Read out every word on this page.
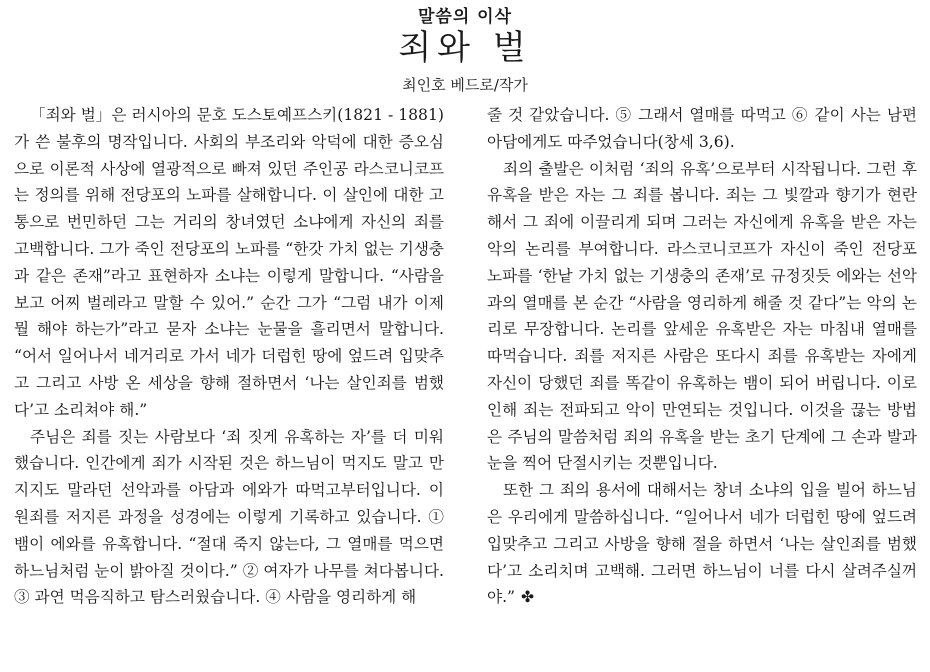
말씀의 이삭
죄와 벌
최인호 베드로/작가

「죄와 벌」은 러시아의 문호 도스토예프스키(1821 - 1881)가 쓴 불후의 명작입니다. 사회의 부조리와 악덕에 대한 증오심으로 이론적 사상에 열광적으로 빠져 있던 주인공 라스코니코프는 정의를 위해 전당포의 노파를 살해합니다. 이 살인에 대한 고통으로 번민하던 그는 거리의 창녀였던 소냐에게 자신의 죄를 고백합니다. 그가 죽인 전당포의 노파를 “한갓 가치 없는 기생충과 같은 존재”라고 표현하자 소냐는 이렇게 말합니다. “사람을 보고 어찌 벌레라고 말할 수 있어.” 순간 그가 “그럼 내가 이제 뭘 해야 하는가”라고 묻자 소냐는 눈물을 흘리면서 말합니다. “어서 일어나서 네거리로 가서 네가 더럽힌 땅에 엎드려 입맞추고 그리고 사방 온 세상을 향해 절하면서 ‘나는 살인죄를 범했다’고 소리쳐야 해.”

주님은 죄를 짓는 사람보다 ‘죄 짓게 유혹하는 자’를 더 미워했습니다. 인간에게 죄가 시작된 것은 하느님이 먹지도 말고 만지지도 말라던 선악과를 아담과 에와가 따먹고부터입니다. 이 원죄를 저지른 과정을 성경에는 이렇게 기록하고 있습니다. ① 뱀이 에와를 유혹합니다. “절대 죽지 않는다, 그 열매를 먹으면 하느님처럼 눈이 밝아질 것이다.” ② 여자가 나무를 쳐다봅니다. ③ 과연 먹음직하고 탐스러웠습니다. ④ 사람을 영리하게 해

줄 것 같았습니다. ⑤ 그래서 열매를 따먹고 ⑥ 같이 사는 남편 아담에게도 따주었습니다(창세 3,6).

죄의 출발은 이처럼 ‘죄의 유혹’으로부터 시작됩니다. 그런 후 유혹을 받은 자는 그 죄를 봅니다. 죄는 그 빛깔과 향기가 현란해서 그 죄에 이끌리게 되며 그러는 자신에게 유혹을 받은 자는 악의 논리를 부여합니다. 라스코니코프가 자신이 죽인 전당포 노파를 ‘한낱 가치 없는 기생충의 존재’로 규정짓듯 에와는 선악과의 열매를 본 순간 “사람을 영리하게 해줄 것 같다”는 악의 논리로 무장합니다. 논리를 앞세운 유혹받은 자는 마침내 열매를 따먹습니다. 죄를 저지른 사람은 또다시 죄를 유혹받는 자에게 자신이 당했던 죄를 똑같이 유혹하는 뱀이 되어 버립니다. 이로 인해 죄는 전파되고 악이 만연되는 것입니다. 이것을 끊는 방법은 주님의 말씀처럼 죄의 유혹을 받는 초기 단계에 그 손과 발과 눈을 찍어 단절시키는 것뿐입니다.

또한 그 죄의 용서에 대해서는 창녀 소냐의 입을 빌어 하느님은 우리에게 말씀하십니다. “일어나서 네가 더럽힌 땅에 엎드려 입맞추고 그리고 사방을 향해 절을 하면서 ‘나는 살인죄를 범했다’고 소리치며 고백해. 그러면 하느님이 너를 다시 살려주실꺼야.” ✤
